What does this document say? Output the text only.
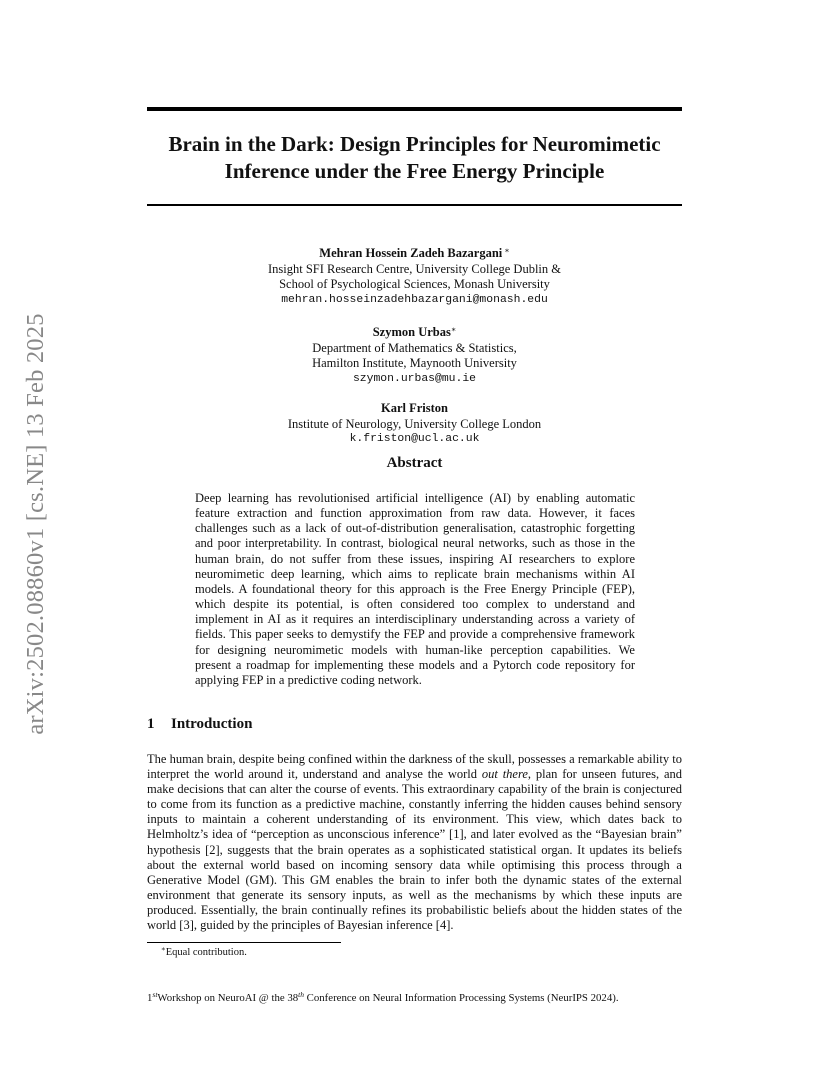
arXiv:2502.08860v1 [cs.NE] 13 Feb 2025
Brain in the Dark: Design Principles for Neuromimetic
Inference under the Free Energy Principle
Mehran Hossein Zadeh Bazargani ∗
Insight SFI Research Centre, University College Dublin &
School of Psychological Sciences, Monash University
mehran.hosseinzadehbazargani@monash.edu
Szymon Urbas∗
Department of Mathematics & Statistics,
Hamilton Institute, Maynooth University
szymon.urbas@mu.ie
Karl Friston
Institute of Neurology, University College London
k.friston@ucl.ac.uk
Abstract

Deep learning has revolutionised artificial intelligence (AI) by enabling automatic feature extraction and function approximation from raw data. However, it faces challenges such as a lack of out-of-distribution generalisation, catastrophic forgetting and poor interpretability. In contrast, biological neural networks, such as those in the human brain, do not suffer from these issues, inspiring AI researchers to explore neuromimetic deep learning, which aims to replicate brain mechanisms within AI models. A foundational theory for this approach is the Free Energy Principle (FEP), which despite its potential, is often considered too complex to understand and implement in AI as it requires an interdisciplinary understanding across a variety of fields. This paper seeks to demystify the FEP and provide a comprehensive framework for designing neuromimetic models with human-like perception capabilities. We present a roadmap for implementing these models and a Pytorch code repository for applying FEP in a predictive coding network.

1 Introduction

The human brain, despite being confined within the darkness of the skull, possesses a remarkable ability to interpret the world around it, understand and analyse the world out there, plan for unseen futures, and make decisions that can alter the course of events. This extraordinary capability of the brain is conjectured to come from its function as a predictive machine, constantly inferring the hidden causes behind sensory inputs to maintain a coherent understanding of its environment. This view, which dates back to Helmholtz’s idea of “perception as unconscious inference” [1], and later evolved as the “Bayesian brain” hypothesis [2], suggests that the brain operates as a sophisticated statistical organ. It updates its beliefs about the external world based on incoming sensory data while optimising this process through a Generative Model (GM). This GM enables the brain to infer both the dynamic states of the external environment that generate its sensory inputs, as well as the mechanisms by which these inputs are produced. Essentially, the brain continually refines its probabilistic beliefs about the hidden states of the world [3], guided by the principles of Bayesian inference [4].

∗Equal contribution.
1stWorkshop on NeuroAI @ the 38th Conference on Neural Information Processing Systems (NeurIPS 2024).
